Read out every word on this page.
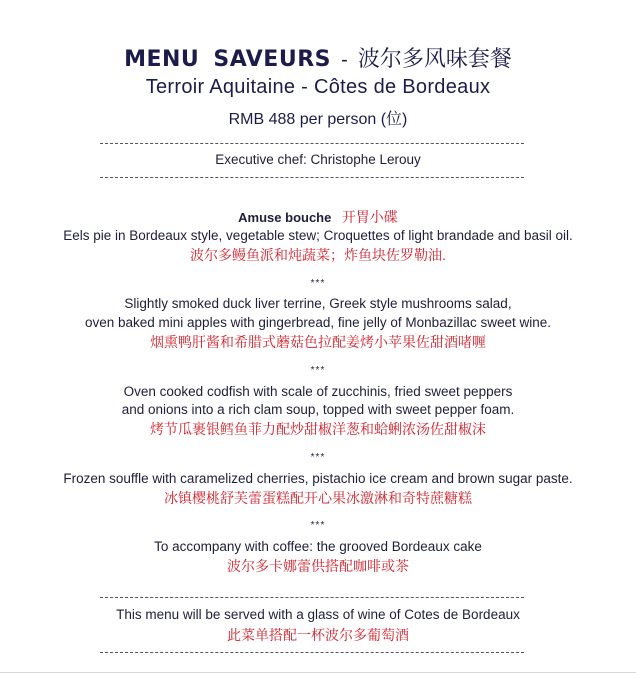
MENU SAVEURS - 波尔多风味套餐
Terroir Aquitaine - Côtes de Bordeaux
RMB 488 per person (位)
Executive chef: Christophe Lerouy
Amuse bouche 开胃小碟
Eels pie in Bordeaux style, vegetable stew; Croquettes of light brandade and basil oil.
波尔多鳗鱼派和炖蔬菜；炸鱼块佐罗勒油.
***
Slightly smoked duck liver terrine, Greek style mushrooms salad,
oven baked mini apples with gingerbread, fine jelly of Monbazillac sweet wine.
烟熏鸭肝酱和希腊式蘑菇色拉配姜烤小苹果佐甜酒啫喱
***
Oven cooked codfish with scale of zucchinis, fried sweet peppers
and onions into a rich clam soup, topped with sweet pepper foam.
烤节瓜裹银鳕鱼菲力配炒甜椒洋葱和蛤蜊浓汤佐甜椒沫
***
Frozen souffle with caramelized cherries, pistachio ice cream and brown sugar paste.
冰镇樱桃舒芙蕾蛋糕配开心果冰激淋和奇特蔗糖糕
***
To accompany with coffee: the grooved Bordeaux cake
波尔多卡娜蕾供搭配咖啡或茶
This menu will be served with a glass of wine of Cotes de Bordeaux
此菜单搭配一杯波尔多葡萄酒
